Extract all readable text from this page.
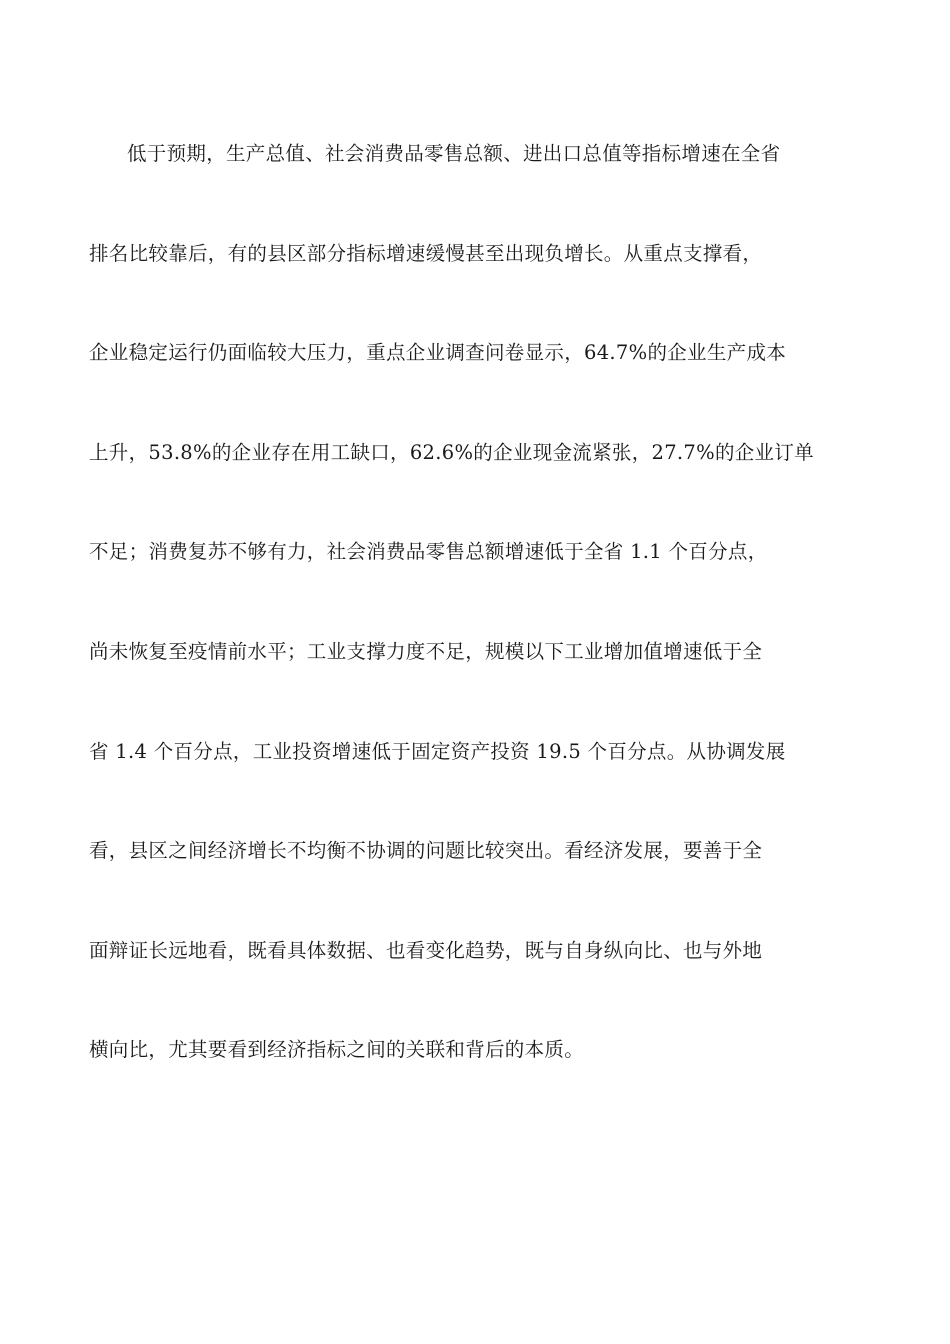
低于预期，生产总值、社会消费品零售总额、进出口总值等指标增速在全省
排名比较靠后，有的县区部分指标增速缓慢甚至出现负增长。从重点支撑看，
企业稳定运行仍面临较大压力，重点企业调查问卷显示，64.7%的企业生产成本
上升，53.8%的企业存在用工缺口，62.6%的企业现金流紧张，27.7%的企业订单
不足；消费复苏不够有力，社会消费品零售总额增速低于全省 1.1 个百分点，
尚未恢复至疫情前水平；工业支撑力度不足，规模以下工业增加值增速低于全
省 1.4 个百分点，工业投资增速低于固定资产投资 19.5 个百分点。从协调发展
看，县区之间经济增长不均衡不协调的问题比较突出。看经济发展，要善于全
面辩证长远地看，既看具体数据、也看变化趋势，既与自身纵向比、也与外地
横向比，尤其要看到经济指标之间的关联和背后的本质。
